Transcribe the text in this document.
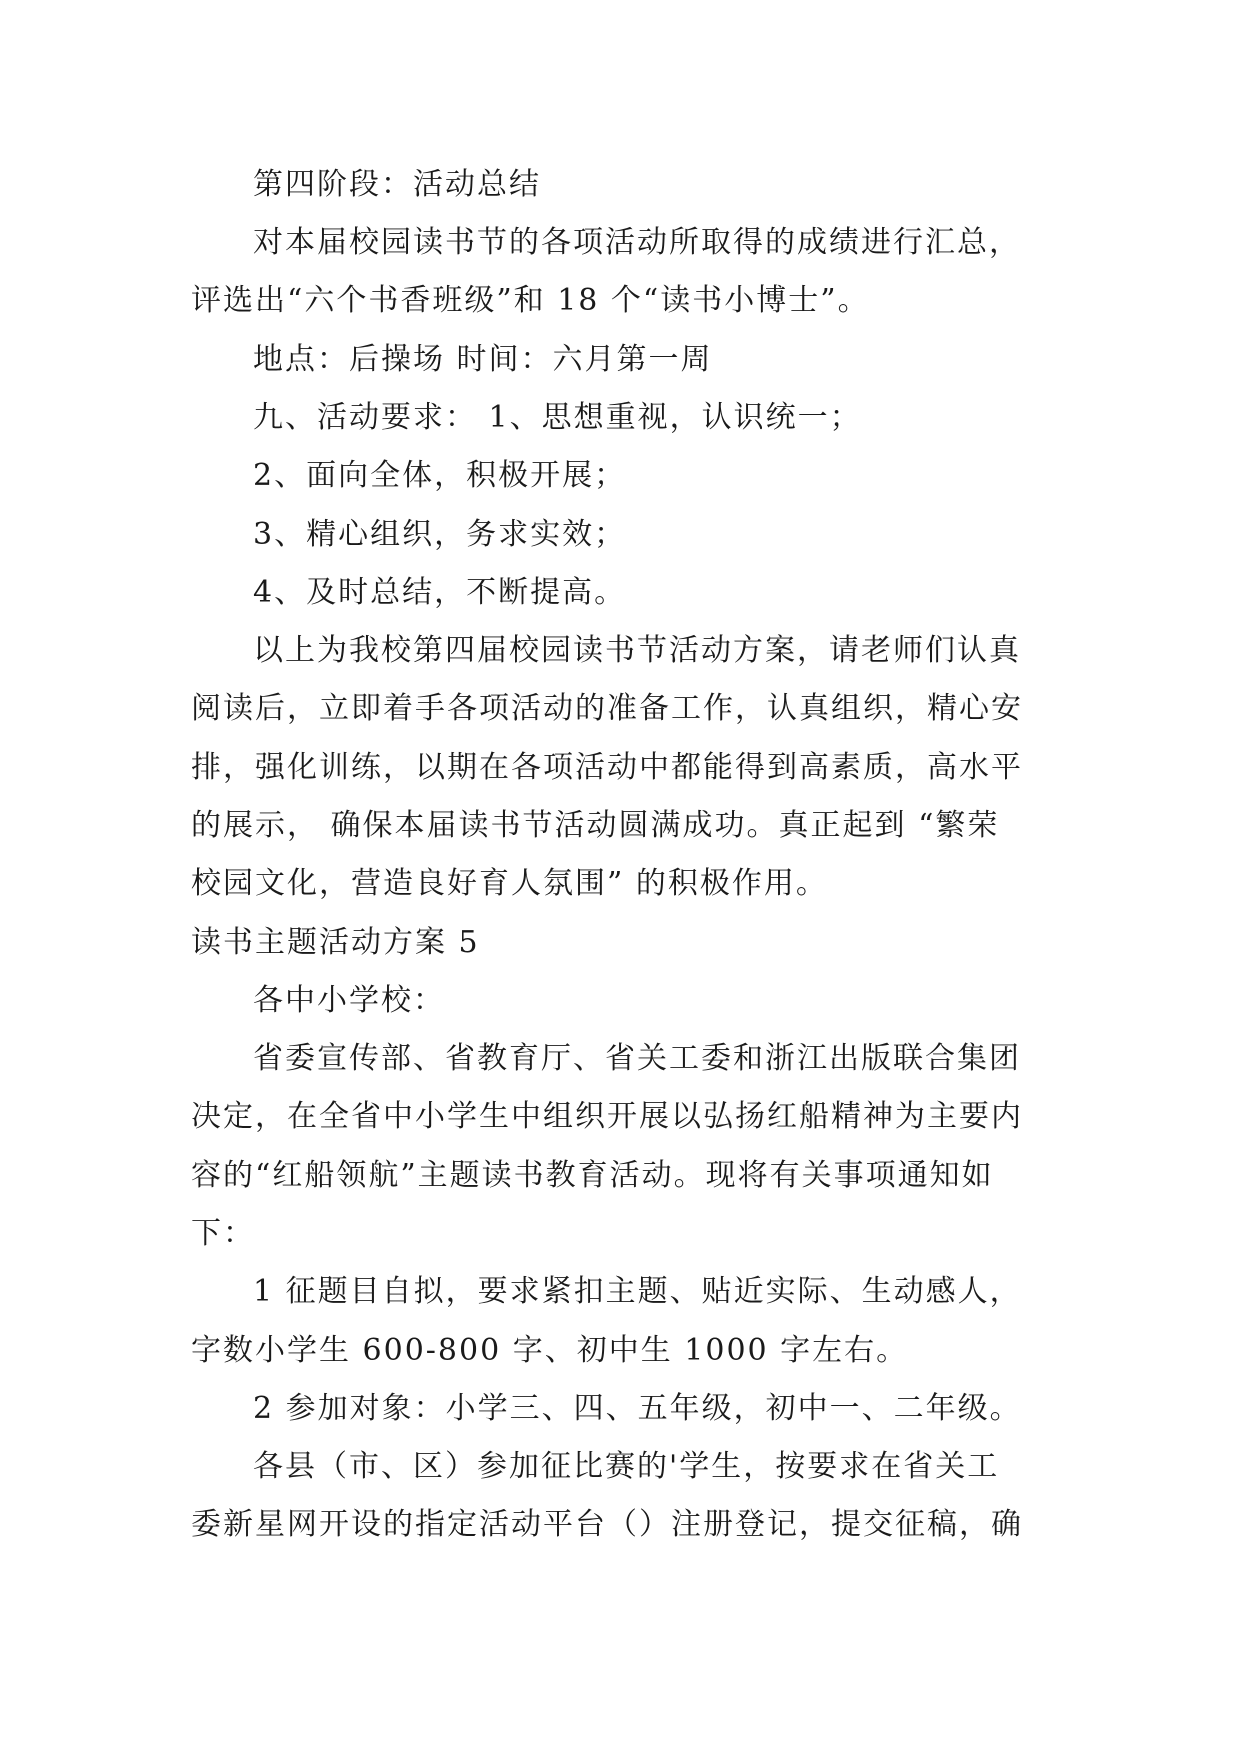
第四阶段：活动总结

对本届校园读书节的各项活动所取得的成绩进行汇总，

评选出“六个书香班级”和 18 个“读书小博士”。

地点：后操场 时间：六月第一周

九、活动要求： 1、思想重视，认识统一；

2、面向全体，积极开展；

3、精心组织，务求实效；

4、及时总结，不断提高。

以上为我校第四届校园读书节活动方案，请老师们认真

阅读后，立即着手各项活动的准备工作，认真组织，精心安

排，强化训练，以期在各项活动中都能得到高素质，高水平

的展示， 确保本届读书节活动圆满成功。真正起到 “繁荣

校园文化，营造良好育人氛围” 的积极作用。

读书主题活动方案 5

各中小学校：

省委宣传部、省教育厅、省关工委和浙江出版联合集团

决定，在全省中小学生中组织开展以弘扬红船精神为主要内

容的“红船领航”主题读书教育活动。现将有关事项通知如

下：

1 征题目自拟，要求紧扣主题、贴近实际、生动感人，

字数小学生 600-800 字、初中生 1000 字左右。

2 参加对象：小学三、四、五年级，初中一、二年级。

各县（市、区）参加征比赛的'学生，按要求在省关工

委新星网开设的指定活动平台（）注册登记，提交征稿，确
